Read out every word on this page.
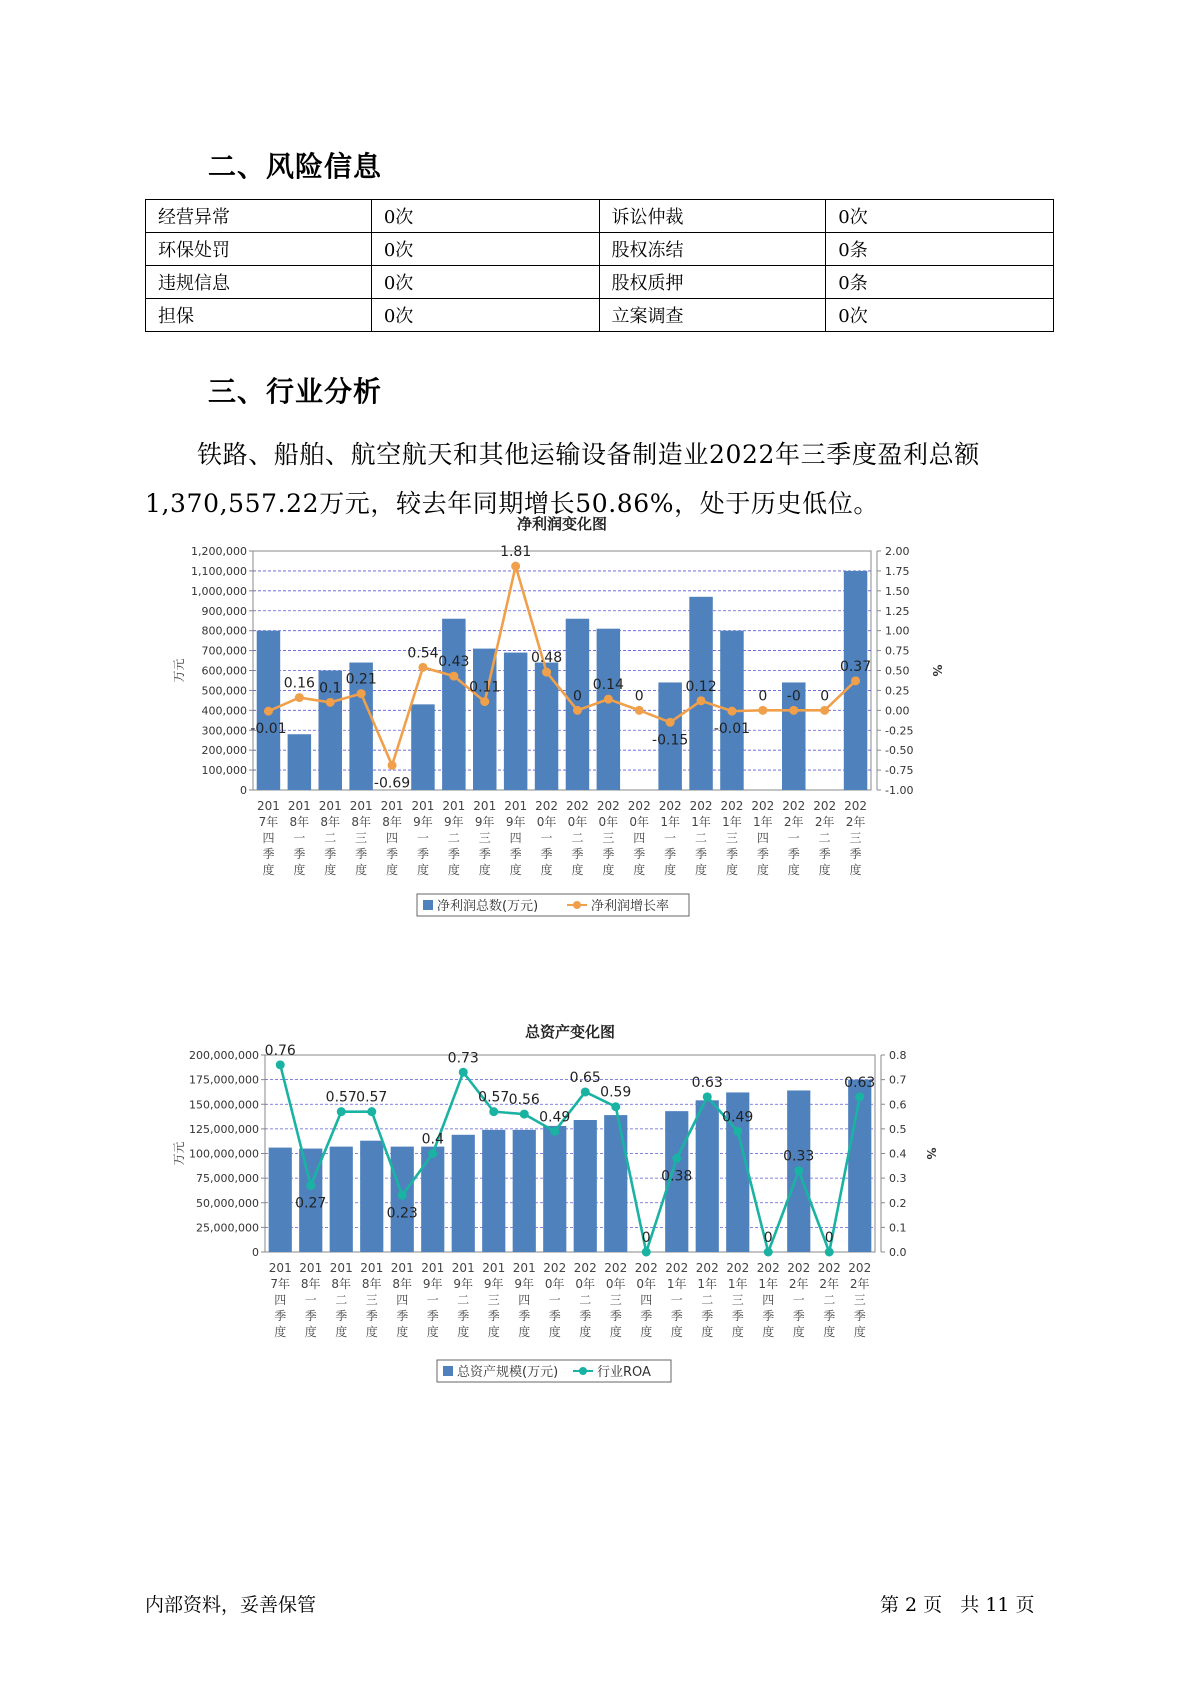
二、风险信息
经营异常	0次	诉讼仲裁	0次
环保处罚	0次	股权冻结	0条
违规信息	0次	股权质押	0条
担保	0次	立案调查	0次
三、行业分析
铁路、船舶、航空航天和其他运输设备制造业2022年三季度盈利总额1,370,557.22万元，较去年同期增长50.86%，处于历史低位。
净利润变化图
0
100,000
200,000
300,000
400,000
500,000
600,000
700,000
800,000
900,000
1,000,000
1,100,000
1,200,000
-1.00
-0.75
-0.50
-0.25
0.00
0.25
0.50
0.75
1.00
1.25
1.50
1.75
2.00
万元	%
201
7年
四
季
度
201
8年
一
季
度
201
8年
二
季
度
201
8年
三
季
度
201
8年
四
季
度
201
9年
一
季
度
201
9年
二
季
度
201
9年
三
季
度
201
9年
四
季
度
202
0年
一
季
度
202
0年
二
季
度
202
0年
三
季
度
202
0年
四
季
度
202
1年
一
季
度
202
1年
二
季
度
202
1年
三
季
度
202
1年
四
季
度
202
2年
一
季
度
202
2年
二
季
度
202
2年
三
季
度
-0.01
0.16 0.1
0.21
-0.69
0.54
0.43
0.11
1.81
0.48
0
0.14
0
-0.15
0.12
-0.01
0 -0 0
0.37
净利润总数(万元)	净利润增长率
总资产变化图
0
25,000,000
50,000,000
75,000,000
100,000,000
125,000,000
150,000,000
175,000,000
200,000,000
0.0
0.1
0.2
0.3
0.4
0.5
0.6
0.7
0.8
万元	%
201
7年
四
季
度
201
8年
一
季
度
201
8年
二
季
度
201
8年
三
季
度
201
8年
四
季
度
201
9年
一
季
度
201
9年
二
季
度
201
9年
三
季
度
201
9年
四
季
度
202
0年
一
季
度
202
0年
二
季
度
202
0年
三
季
度
202
0年
四
季
度
202
1年
一
季
度
202
1年
二
季
度
202
1年
三
季
度
202
1年
四
季
度
202
2年
一
季
度
202
2年
二
季
度
202
2年
三
季
度
0.76
0.27
0.57 0.57
0.23
0.4
0.73
0.57 0.56
0.49
0.65
0.59
0
0.38
0.63
0.49
0
0.33
0
0.63
总资产规模(万元)	行业ROA
内部资料，妥善保管	第 2 页   共 11 页
